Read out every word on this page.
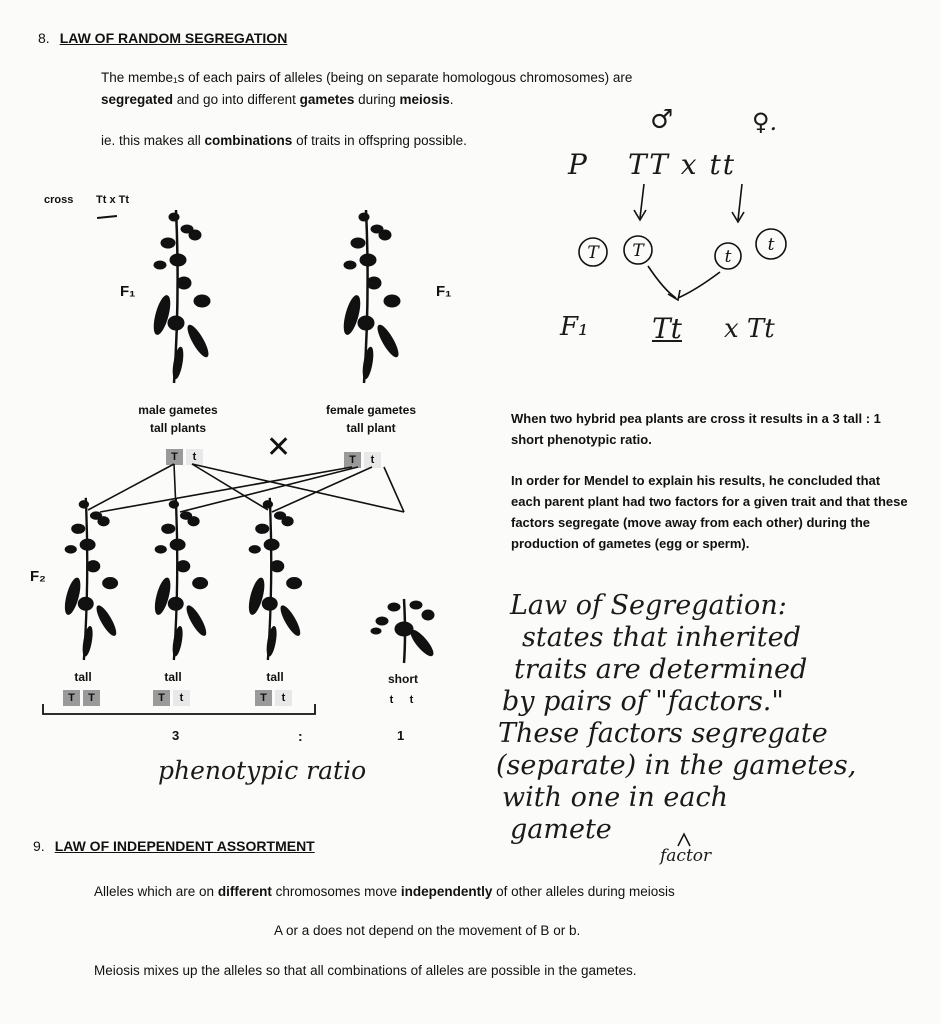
8. LAW OF RANDOM SEGREGATION
The membe₁s of each pairs of alleles (being on separate homologous chromosomes) are
segregated and go into different gametes during meiosis.
ie. this makes all combinations of traits in offspring possible.
♂	♀.
P TT x tt
T T	t
t
F₁ Tt x Tt
cross Tt x Tt
F₁	F₁
male gametes
tall plants
female gametes
tall plant
✕
T t	T t
F₂
tall
T T
tall
T t
tall
T t
short
t t
3	:	1
phenotypic ratio
When two hybrid pea plants are cross it results in a 3 tall : 1 short phenotypic ratio.
In order for Mendel to explain his results, he concluded that each parent plant had two factors for a given trait and that these factors segregate (move away from each other) during the production of gametes (egg or sperm).
Law of Segregation:
states that inherited
traits are determined
by pairs of "factors."
These factors segregate
(separate) in the gametes,
with one in each
gamete
factor
9. LAW OF INDEPENDENT ASSORTMENT
Alleles which are on different chromosomes move independently of other alleles during meiosis
A or a does not depend on the movement of B or b.
Meiosis mixes up the alleles so that all combinations of alleles are possible in the gametes.
